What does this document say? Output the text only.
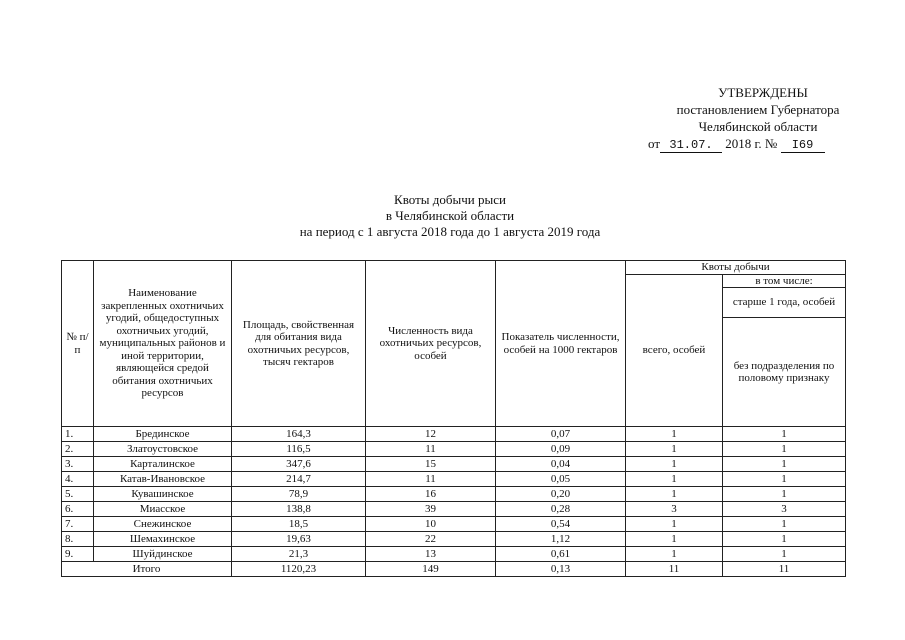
УТВЕРЖДЕНЫ
постановлением Губернатора
Челябинской области
от 31.07. 2018 г. № I69
Квоты добычи рыси
в Челябинской области
на период с 1 августа 2018 года до 1 августа 2019 года
№ п/п	Наименование закрепленных охотничьих угодий, общедоступных охотничьих угодий, муниципальных районов и иной территории, являющейся средой обитания охотничьих ресурсов	Площадь, свойственная для обитания вида охотничьих ресурсов, тысяч гектаров	Численность вида охотничьих ресурсов, особей	Показатель численности, особей на 1000 гектаров	Квоты добычи	
					всего, особей	в том числе:
						старше 1 года, особей
						без подразделения по половому признаку
1.	Брединское	164,3	12	0,07	1	1
2.	Златоустовское	116,5	11	0,09	1	1
3.	Карталинское	347,6	15	0,04	1	1
4.	Катав-Ивановское	214,7	11	0,05	1	1
5.	Кувашинское	78,9	16	0,20	1	1
6.	Миасское	138,8	39	0,28	3	3
7.	Снежинское	18,5	10	0,54	1	1
8.	Шемахинское	19,63	22	1,12	1	1
9.	Шуйдинское	21,3	13	0,61	1	1
Итого		1120,23	149	0,13	11	11
